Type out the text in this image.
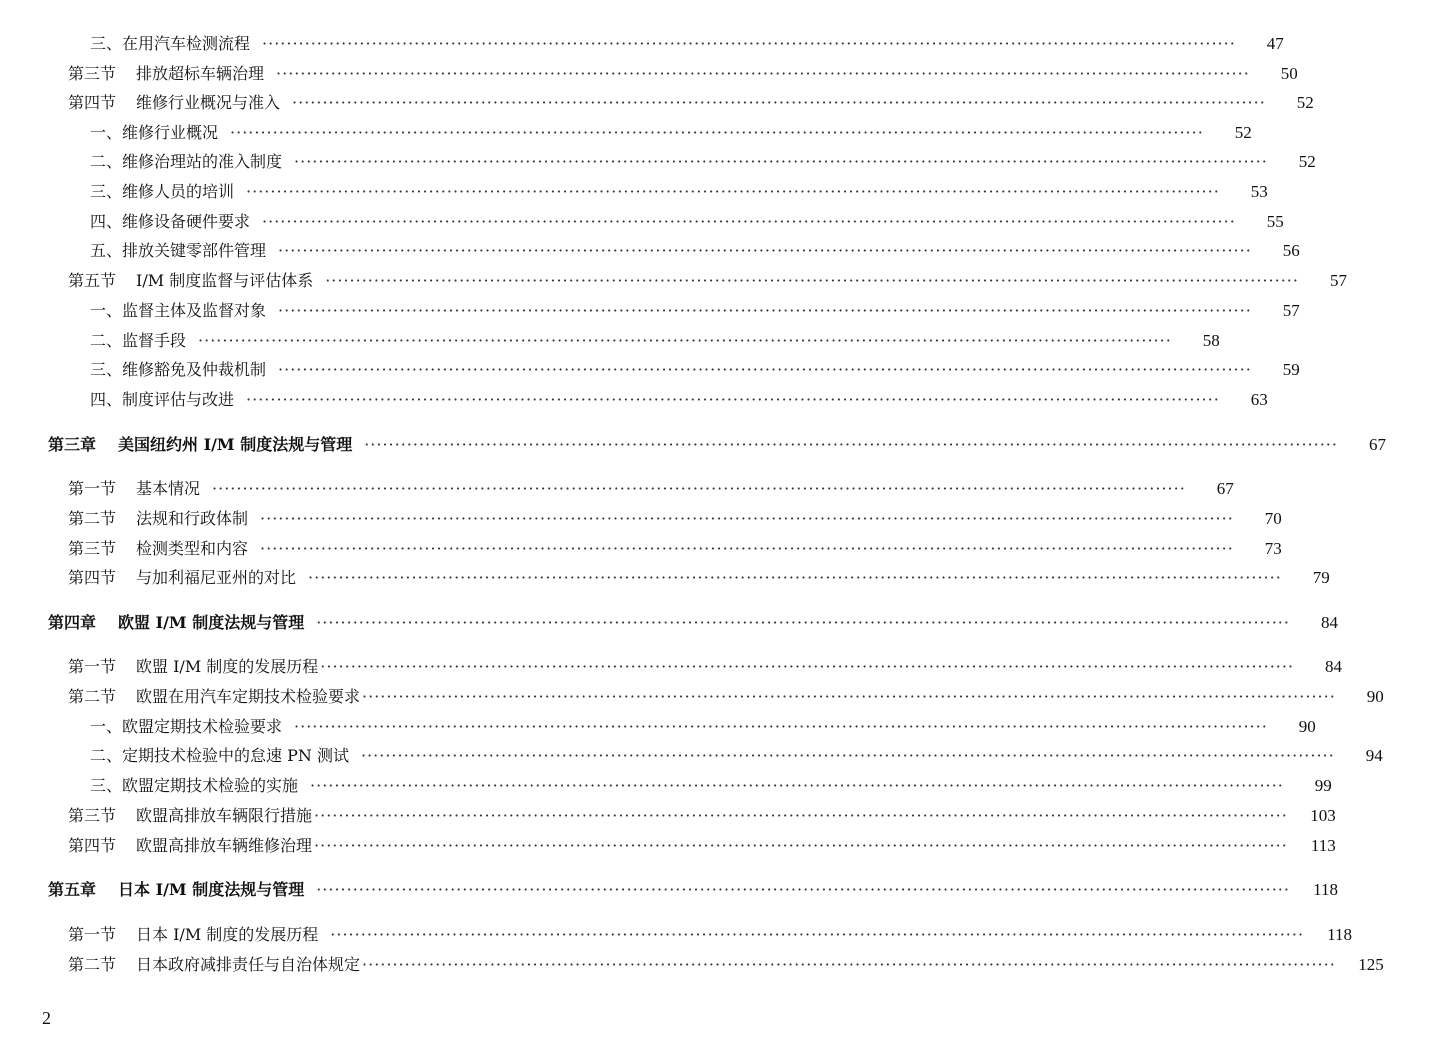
三、在用汽车检测流程 ································································································································································	47
第三节 排放超标车辆治理 ································································································································································	50
第四节 维修行业概况与准入 ································································································································································	52
一、维修行业概况 ································································································································································	52
二、维修治理站的准入制度 ································································································································································	52
三、维修人员的培训 ································································································································································	53
四、维修设备硬件要求 ································································································································································	55
五、排放关键零部件管理 ································································································································································	56
第五节 I/M 制度监督与评估体系 ································································································································································	57
一、监督主体及监督对象 ································································································································································	57
二、监督手段 ································································································································································	58
三、维修豁免及仲裁机制 ································································································································································	59
四、制度评估与改进 ································································································································································	63
第三章 美国纽约州 I/M 制度法规与管理 ································································································································································	67
第一节 基本情况 ································································································································································	67
第二节 法规和行政体制 ································································································································································	70
第三节 检测类型和内容 ································································································································································	73
第四节 与加利福尼亚州的对比 ································································································································································	79
第四章 欧盟 I/M 制度法规与管理 ································································································································································	84
第一节 欧盟 I/M 制度的发展历程 ································································································································································	84
第二节 欧盟在用汽车定期技术检验要求 ································································································································································	90
一、欧盟定期技术检验要求 ································································································································································	90
二、定期技术检验中的怠速 PN 测试 ································································································································································	94
三、欧盟定期技术检验的实施 ································································································································································	99
第三节 欧盟高排放车辆限行措施 ································································································································································	103
第四节 欧盟高排放车辆维修治理 ································································································································································	113
第五章 日本 I/M 制度法规与管理 ································································································································································	118
第一节 日本 I/M 制度的发展历程 ································································································································································	118
第二节 日本政府减排责任与自治体规定 ································································································································································	125
2
